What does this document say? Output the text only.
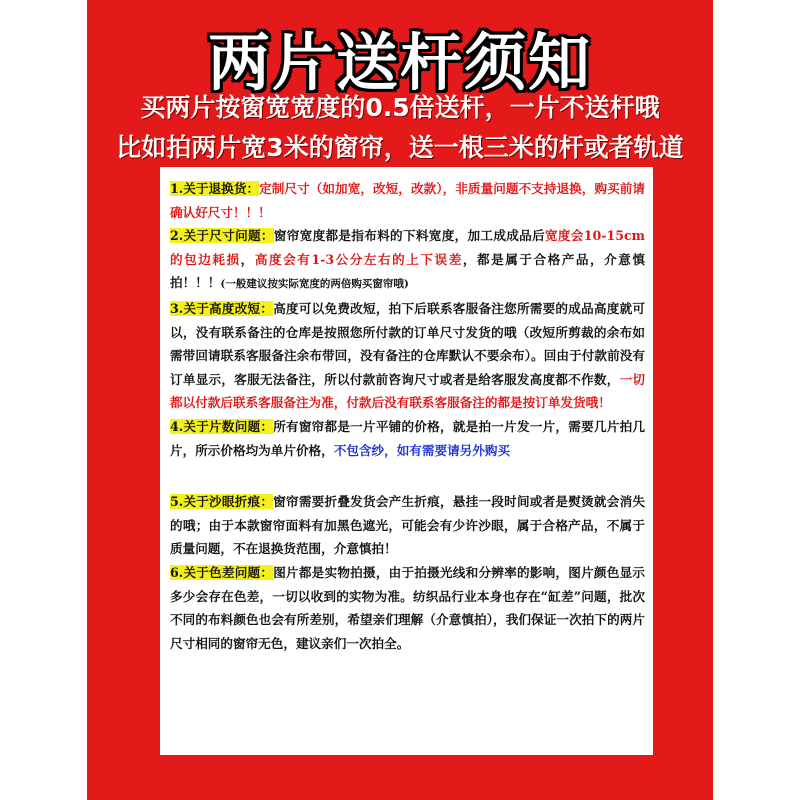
两片送杆须知
买两片按窗宽宽度的0.5倍送杆，一片不送杆哦
比如拍两片宽3米的窗帘，送一根三米的杆或者轨道
1.关于退换货：定制尺寸（如加宽，改短，改款），非质量问题不支持退换，购买前请确认好尺寸！！！
2.关于尺寸问题：窗帘宽度都是指布料的下料宽度，加工成成品后宽度会10-15cm的包边耗损，高度会有1-3公分左右的上下误差，都是属于合格产品，介意慎拍！！！(一般建议按实际宽度的两倍购买窗帘哦)
3.关于高度改短：高度可以免费改短，拍下后联系客服备注您所需要的成品高度就可以，没有联系备注的仓库是按照您所付款的订单尺寸发货的哦（改短所剪裁的余布如需带回请联系客服备注余布带回，没有备注的仓库默认不要余布）。回由于付款前没有订单显示，客服无法备注，所以付款前咨询尺寸或者是给客服发高度都不作数，一切都以付款后联系客服备注为准，付款后没有联系客服备注的都是按订单发货哦！
4.关于片数问题：所有窗帘都是一片平铺的价格，就是拍一片发一片，需要几片拍几片，所示价格均为单片价格，不包含纱，如有需要请另外购买
5.关于沙眼折痕：窗帘需要折叠发货会产生折痕，悬挂一段时间或者是熨烫就会消失的哦；由于本款窗帘面料有加黑色遮光，可能会有少许沙眼，属于合格产品，不属于质量问题，不在退换货范围，介意慎拍！
6.关于色差问题：图片都是实物拍摄，由于拍摄光线和分辨率的影响，图片颜色显示多少会存在色差，一切以收到的实物为准。纺织品行业本身也存在“缸差”问题，批次不同的布料颜色也会有所差别，希望亲们理解（介意慎拍），我们保证一次拍下的两片尺寸相同的窗帘无色，建议亲们一次拍全。
